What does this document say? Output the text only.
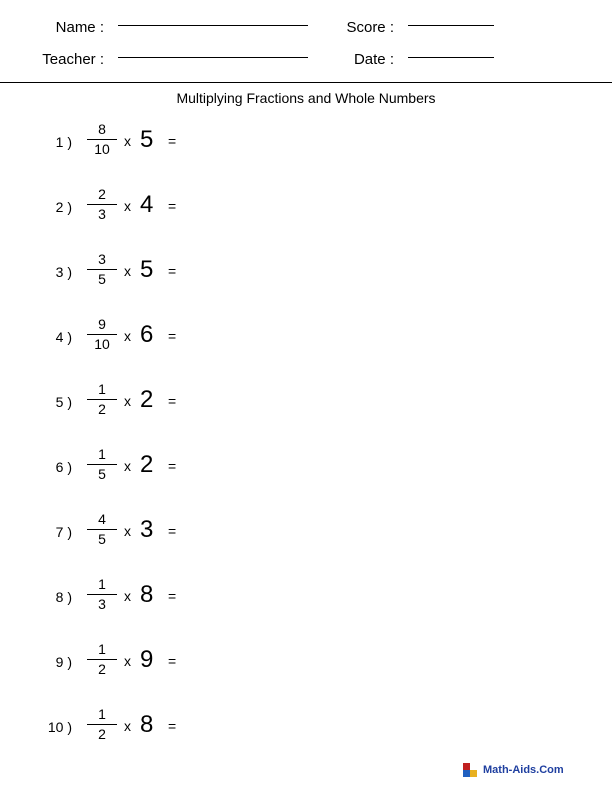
Name :	Score :
Teacher :	Date :
Multiplying Fractions and Whole Numbers
1 )
8
10	x 5 =
2 )
2
3	x 4 =
3 )
3
5	x 5 =
4 )
9
10	x 6 =
5 )
1
2	x 2 =
6 )
1
5	x 2 =
7 )
4
5	x 3 =
8 )
1
3	x 8 =
9 )
1
2	x 9 =
10 )
1
2	x 8 =
Math-Aids.Com
